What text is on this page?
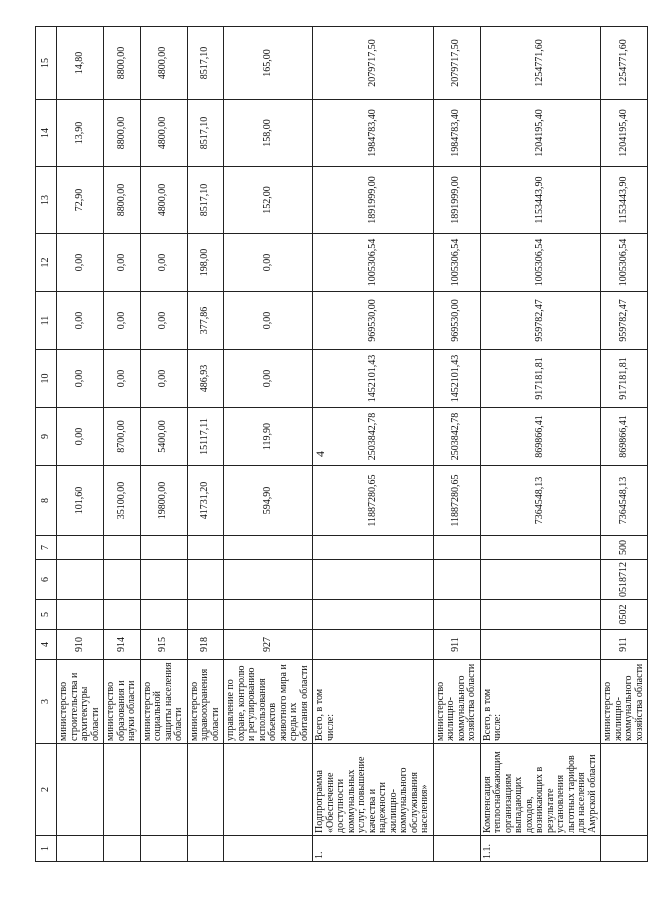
4
1	2	3	4	5	6	7	8	9	10	11	12	13	14	15
		министерство строительства и архитектуры области	910				101,60	0,00	0,00	0,00	0,00	72,90	13,90	14,80
		министерство образования и науки области	914				35100,00	8700,00	0,00	0,00	0,00	8800,00	8800,00	8800,00
		министерство социальной защиты населения области	915				19800,00	5400,00	0,00	0,00	0,00	4800,00	4800,00	4800,00
		министерство здравоохранения области	918				41731,20	15117,11	486,93	377,86	198,00	8517,10	8517,10	8517,10
		управление по охране, контролю и регулированию использования объектов животного мира и среды их обитания области	927				594,90	119,90	0,00	0,00	0,00	152,00	158,00	165,00
1.	Подпрограмма «Обеспечение доступности коммунальных услуг, повышение качества и надежности жилищно-коммунального обслуживания населения»	Всего, в том числе:					11887280,65	2503842,78	1452101,43	969530,00	1005306,54	1891999,00	1984783,40	2079717,50
		министерство жилищно-коммунального хозяйства области	911				11887280,65	2503842,78	1452101,43	969530,00	1005306,54	1891999,00	1984783,40	2079717,50
1.1.	Компенсация теплоснабжающим организациям выпадающих доходов, возникающих в результате установления льготных тарифов для населения Амурской области	Всего, в том числе:					7364548,13	869866,41	917181,81	959782,47	1005306,54	1153443,90	1204195,40	1254771,60
		министерство жилищно-коммунального хозяйства области	911	0502	0518712	500	7364548,13	869866,41	917181,81	959782,47	1005306,54	1153443,90	1204195,40	1254771,60
